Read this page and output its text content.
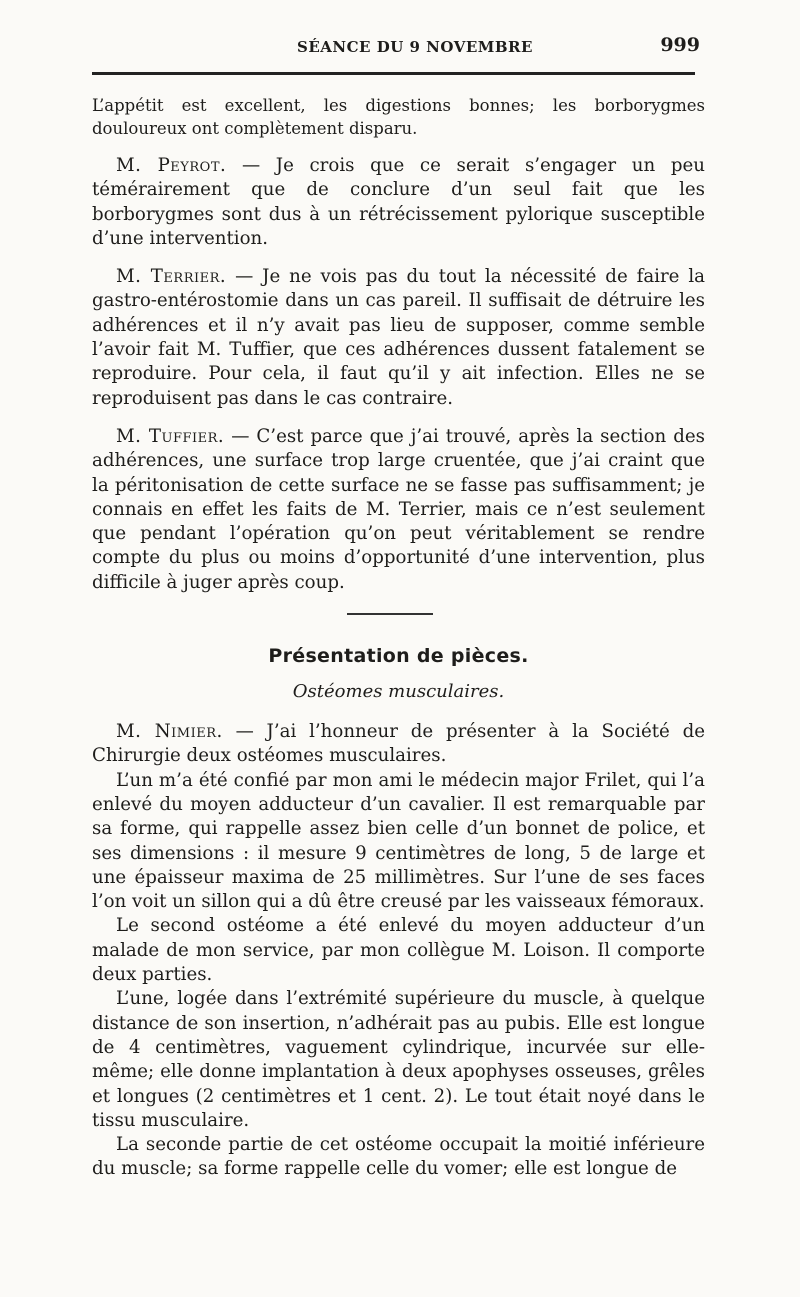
SÉANCE DU 9 NOVEMBRE	999

L’appétit est excellent, les digestions bonnes; les borborygmes douloureux ont complètement disparu.

M. Peyrot. — Je crois que ce serait s’engager un peu témérairement que de conclure d’un seul fait que les borborygmes sont dus à un rétrécissement pylorique susceptible d’une intervention.

M. Terrier. — Je ne vois pas du tout la nécessité de faire la gastro-entérostomie dans un cas pareil. Il suffisait de détruire les adhérences et il n’y avait pas lieu de supposer, comme semble l’avoir fait M. Tuffier, que ces adhérences dussent fatalement se reproduire. Pour cela, il faut qu’il y ait infection. Elles ne se reproduisent pas dans le cas contraire.

M. Tuffier. — C’est parce que j’ai trouvé, après la section des adhérences, une surface trop large cruentée, que j’ai craint que la péritonisation de cette surface ne se fasse pas suffisamment; je connais en effet les faits de M. Terrier, mais ce n’est seulement que pendant l’opération qu’on peut véritablement se rendre compte du plus ou moins d’opportunité d’une intervention, plus difficile à juger après coup.

Présentation de pièces.
Ostéomes musculaires.

M. Nimier. — J’ai l’honneur de présenter à la Société de Chirurgie deux ostéomes musculaires.

L’un m’a été confié par mon ami le médecin major Frilet, qui l’a enlevé du moyen adducteur d’un cavalier. Il est remarquable par sa forme, qui rappelle assez bien celle d’un bonnet de police, et ses dimensions : il mesure 9 centimètres de long, 5 de large et une épaisseur maxima de 25 millimètres. Sur l’une de ses faces l’on voit un sillon qui a dû être creusé par les vaisseaux fémoraux.

Le second ostéome a été enlevé du moyen adducteur d’un malade de mon service, par mon collègue M. Loison. Il comporte deux parties.

L’une, logée dans l’extrémité supérieure du muscle, à quelque distance de son insertion, n’adhérait pas au pubis. Elle est longue de 4 centimètres, vaguement cylindrique, incurvée sur elle-même; elle donne implantation à deux apophyses osseuses, grêles et longues (2 centimètres et 1 cent. 2). Le tout était noyé dans le tissu musculaire.

La seconde partie de cet ostéome occupait la moitié inférieure du muscle; sa forme rappelle celle du vomer; elle est longue de
